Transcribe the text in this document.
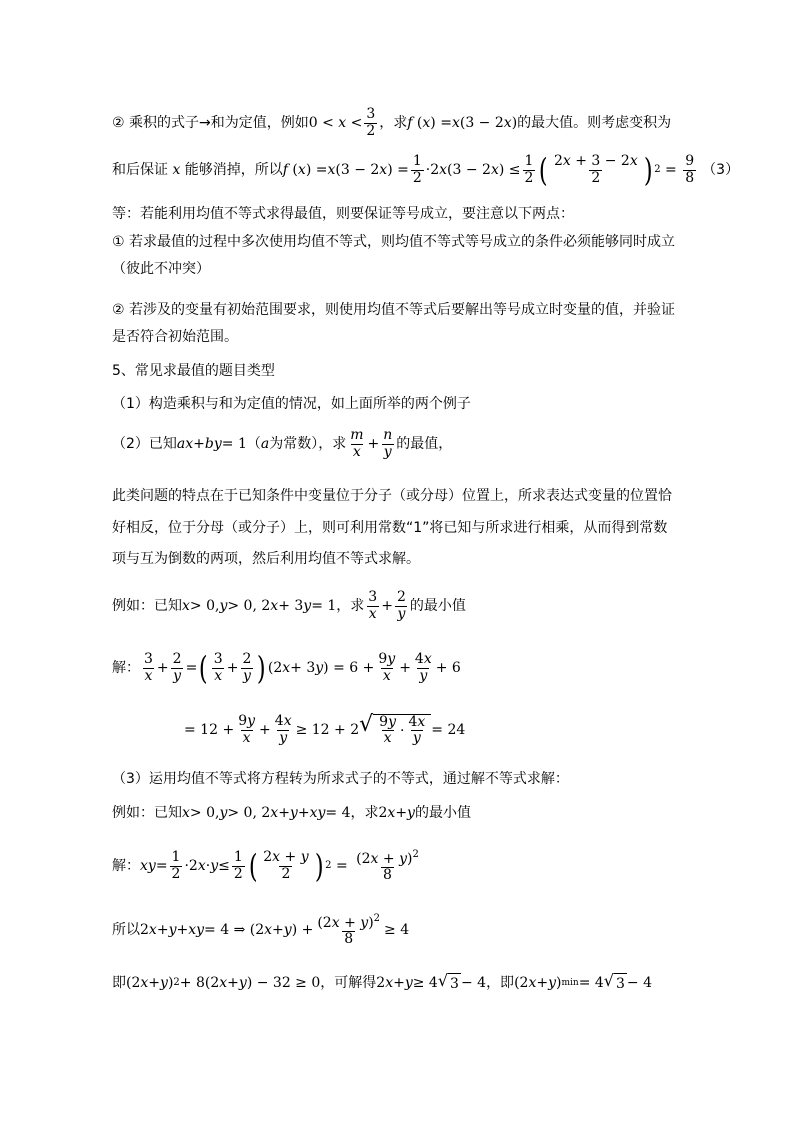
② 乘积的式子→和为定值，例如 $0 < x < \frac{3}{2}$ ，求 f ( x ) = x (3 − 2 x ) 的最大值。则考虑变积为
和后保证 x 能够消掉，所以 f ( x ) = x (3 − 2 x ) = $\frac{1}{2} \cdot 2$ x (3 − 2 x ) ≤ $\frac{1}{2}$ ( $\frac{2x + 3 - 2x}{2}$ ) $2 = \frac{9}{8} (3)$
等：若能利用均值不等式求得最值，则要保证等号成立，要注意以下两点：
① 若求最值的过程中多次使用均值不等式，则均值不等式等号成立的条件必须能够同时成立
（彼此不冲突）
② 若涉及的变量有初始范围要求，则使用均值不等式后要解出等号成立时变量的值，并验证
是否符合初始范围。
5、常见求最值的题目类型
（1）构造乘积与和为定值的情况，如上面所举的两个例子
（2）已知 ax + by = 1 （ a 为常数），求 $\frac{m}{x} + \frac{n}{y}$ 的最值，
此类问题的特点在于已知条件中变量位于分子（或分母）位置上，所求表达式变量的位置恰
好相反，位于分母（或分子）上，则可利用常数“1”将已知与所求进行相乘，从而得到常数
项与互为倒数的两项，然后利用均值不等式求解。
例如：已知 x > 0, y > 0, 2 x + 3 y = 1 ，求 $\frac{3}{x} + \frac{2}{y}$ 的最小值
解： $\frac{3}{x} + \frac{2}{y}$ = ( $\frac{3}{x} + \frac{2}{y}$ ) (2 x + 3 y ) = $6 + \frac{9y}{x} + \frac{4x}{y} + 6$
= $12 + \frac{9y}{x} + \frac{4x}{y} \ge 12 + 2$ √ $\frac{9y}{x} \cdot \frac{4x}{y} = 24$
（3）运用均值不等式将方程转为所求式子的不等式，通过解不等式求解：
例如：已知 x > 0, y > 0, 2 x + y + xy = 4 ，求 2 x + y 的最小值
解： xy = $\frac{1}{2} \cdot 2$ $x \cdot y \le \frac{1}{2}$ ( $\frac{2x + y}{2}$ ) $2 = \frac{(2x + y)^2}{8}$
所以 2 x + y + xy = 4 ⇒ (2 x + y ) + $\frac{(2x + y)^2}{8} \ge 4$
即 (2 x + y ) 2 + 8(2 x + y ) − 32 ≥ 0 ，可解得 2 x + y ≥ 4 √ 3 − 4 ，即 (2 x + y ) min = 4 √ 3 − 4
